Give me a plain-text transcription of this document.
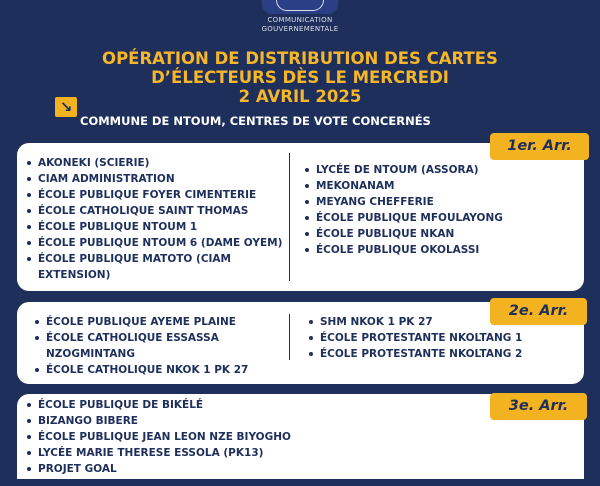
COMMUNICATION
GOUVERNEMENTALE
OPÉRATION DE DISTRIBUTION DES CARTES
D’ÉLECTEURS DÈS LE MERCREDI
2 AVRIL 2025
↘
COMMUNE DE NTOUM, CENTRES DE VOTE CONCERNÉS
AKONEKI (SCIERIE)
CIAM ADMINISTRATION
ÉCOLE PUBLIQUE FOYER CIMENTERIE
ÉCOLE CATHOLIQUE SAINT THOMAS
ÉCOLE PUBLIQUE NTOUM 1
ÉCOLE PUBLIQUE NTOUM 6 (DAME OYEM)
ÉCOLE PUBLIQUE MATOTO (CIAM
EXTENSION)
LYCÉE DE NTOUM (ASSORA)
MEKONANAM
MEYANG CHEFFERIE
ÉCOLE PUBLIQUE MFOULAYONG
ÉCOLE PUBLIQUE NKAN
ÉCOLE PUBLIQUE OKOLASSI
1er. Arr.
ÉCOLE PUBLIQUE AYEME PLAINE
ÉCOLE CATHOLIQUE ESSASSA
NZOGMINTANG
ÉCOLE CATHOLIQUE NKOK 1 PK 27
SHM NKOK 1 PK 27
ÉCOLE PROTESTANTE NKOLTANG 1
ÉCOLE PROTESTANTE NKOLTANG 2
2e. Arr.
ÉCOLE PUBLIQUE DE BIKÉLÉ
BIZANGO BIBERE
ÉCOLE PUBLIQUE JEAN LEON NZE BIYOGHO
LYCÉE MARIE THERESE ESSOLA (PK13)
PROJET GOAL
3e. Arr.
